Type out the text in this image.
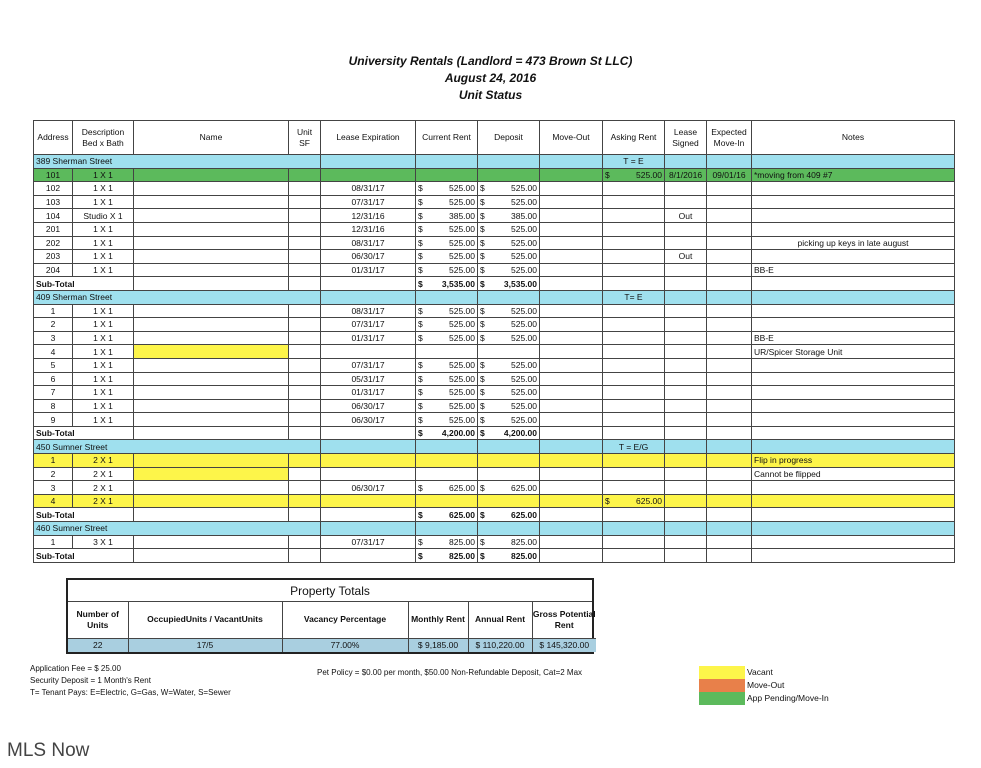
University Rentals (Landlord = 473 Brown St LLC)
August 24, 2016
Unit Status
Address	Description Bed x Bath	Name	Unit SF	Lease Expiration	Current Rent	Deposit	Move-Out	Asking Rent	Lease Signed	Expected Move-In	Notes
389 Sherman Street								T = E			
101	1 X 1							$ 525.00	8/1/2016	09/01/16	*moving from 409 #7
102	1 X 1			08/31/17	$ 525.00	$ 525.00					

103	1 X 1			07/31/17	$ 525.00	$ 525.00					

104	Studio X 1			12/31/16	$ 385.00	$ 385.00			Out		
201	1 X 1			12/31/16	$ 525.00	$ 525.00					

202	1 X 1			08/31/17	$ 525.00	$ 525.00					picking up keys in late august
203	1 X 1			06/30/17	$ 525.00	$ 525.00			Out		
204	1 X 1			01/31/17	$ 525.00	$ 525.00					BB-E
Sub-Total					$ 3,535.00	$ 3,535.00					

409 Sherman Street								T= E			
1	1 X 1			08/31/17	$ 525.00	$ 525.00					

2	1 X 1			07/31/17	$ 525.00	$ 525.00					

3	1 X 1			01/31/17	$ 525.00	$ 525.00					BB-E
4	1 X 1										UR/Spicer Storage Unit
5	1 X 1			07/31/17	$ 525.00	$ 525.00					

6	1 X 1			05/31/17	$ 525.00	$ 525.00					

7	1 X 1			01/31/17	$ 525.00	$ 525.00					

8	1 X 1			06/30/17	$ 525.00	$ 525.00					

9	1 X 1			06/30/17	$ 525.00	$ 525.00					

Sub-Total					$ 4,200.00	$ 4,200.00					

450 Sumner Street								T = E/G			
1	2 X 1										Flip in progress
2	2 X 1										Cannot be flipped
3	2 X 1			06/30/17	$ 625.00	$ 625.00					

4	2 X 1							$ 625.00			

Sub-Total					$ 625.00	$ 625.00					

460 Sumner Street											
1	3 X 1			07/31/17	$ 825.00	$ 825.00					

Sub-Total					$ 825.00	$ 825.00					

Property Totals
Number of Units	OccupiedUnits / VacantUnits	Vacancy Percentage	Monthly Rent	Annual Rent	Gross Potential Rent
22	17/5	77.00%	$ 9,185.00	$ 110,220.00	$ 145,320.00
Application Fee = $ 25.00
Security Deposit = 1 Month's Rent
T= Tenant Pays: E=Electric, G=Gas, W=Water, S=Sewer
Pet Policy = $0.00 per month, $50.00 Non-Refundable Deposit, Cat=2 Max	Vacant
Move-Out
App Pending/Move-In
MLS Now
